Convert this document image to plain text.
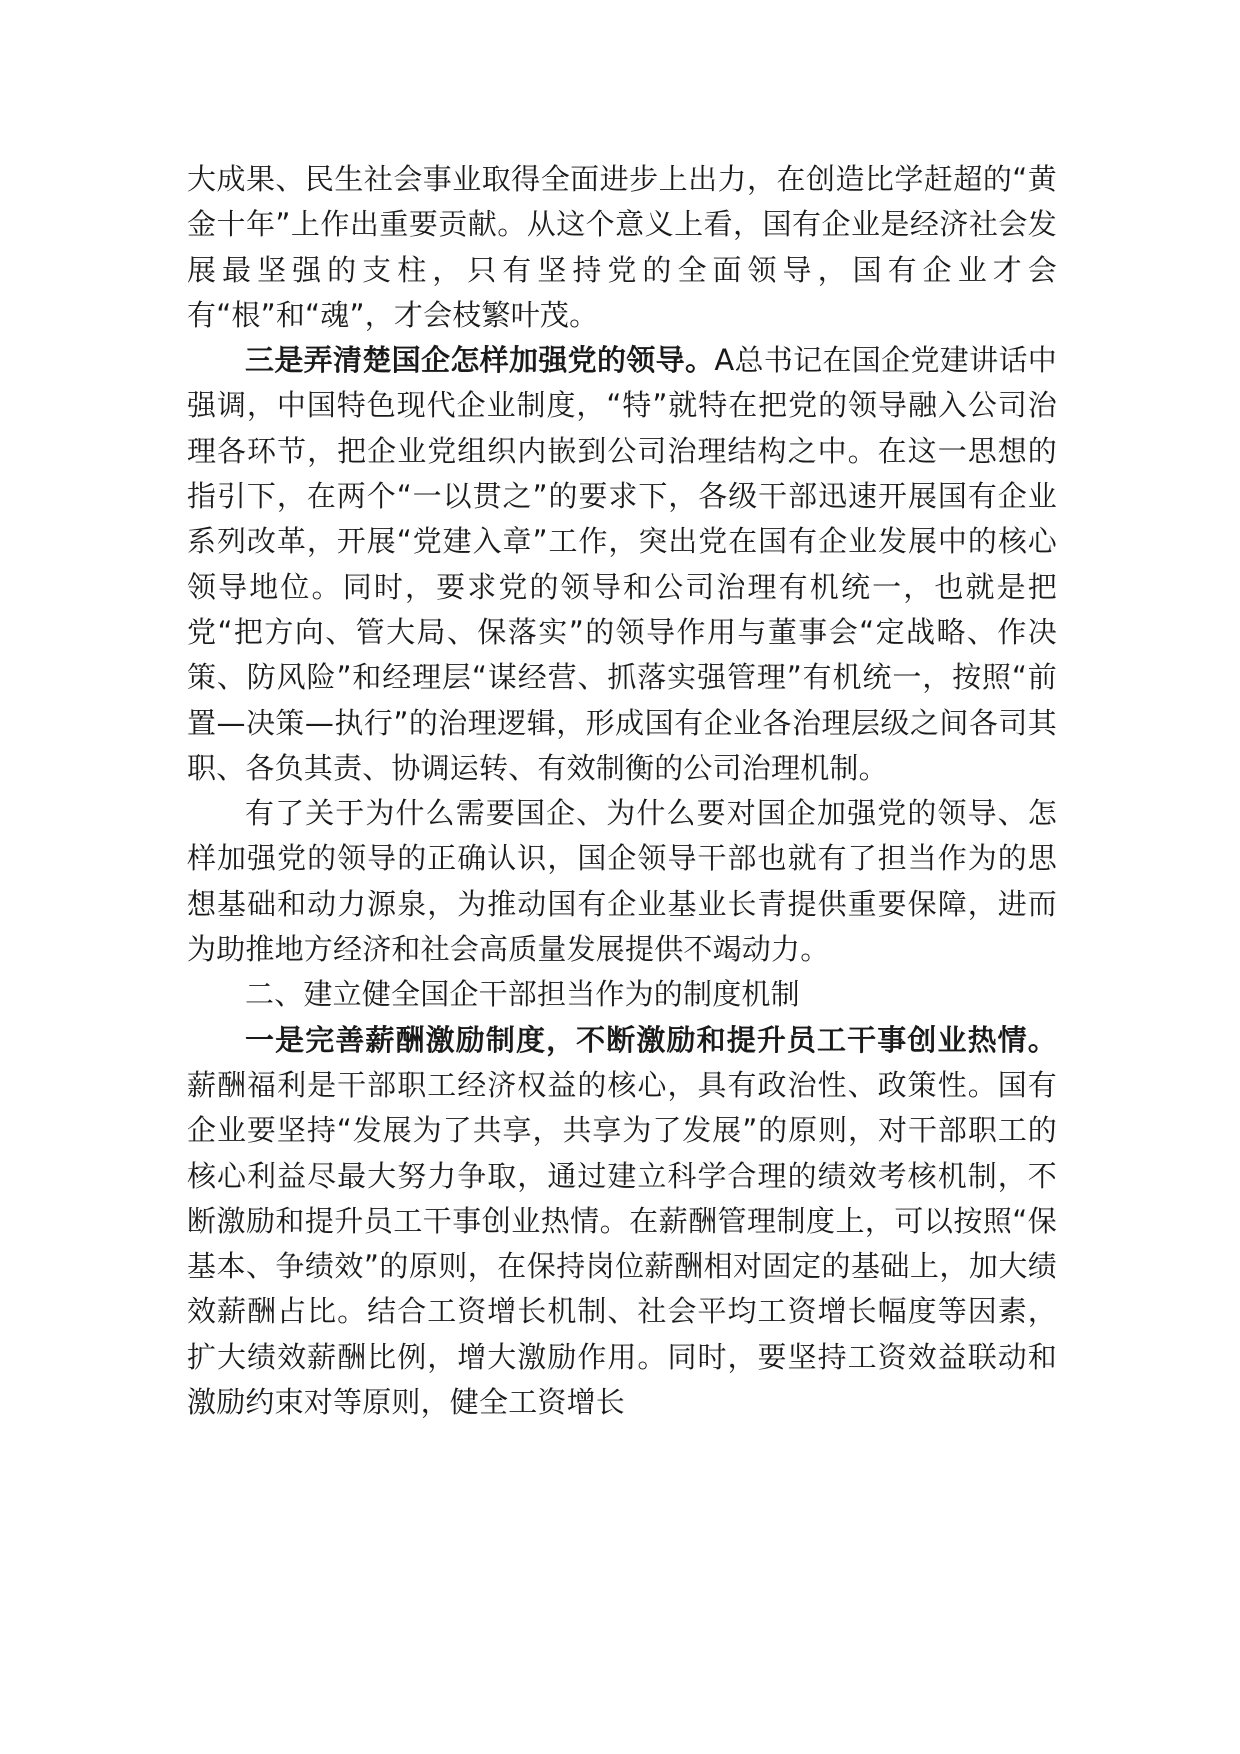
大成果、民生社会事业取得全面进步上出力，在创造比学赶超的“黄金十年”上作出重要贡献。从这个意义上看，国有企业是经济社会发展最坚强的支柱，只有坚持党的全面领导，国有企业才会有“根”和“魂”，才会枝繁叶茂。

三是弄清楚国企怎样加强党的领导。A总书记在国企党建讲话中强调，中国特色现代企业制度，“特”就特在把党的领导融入公司治理各环节，把企业党组织内嵌到公司治理结构之中。在这一思想的指引下，在两个“一以贯之”的要求下，各级干部迅速开展国有企业系列改革，开展“党建入章”工作，突出党在国有企业发展中的核心领导地位。同时，要求党的领导和公司治理有机统一，也就是把党“把方向、管大局、保落实”的领导作用与董事会“定战略、作决策、防风险”和经理层“谋经营、抓落实强管理”有机统一，按照“前置—决策—执行”的治理逻辑，形成国有企业各治理层级之间各司其职、各负其责、协调运转、有效制衡的公司治理机制。

有了关于为什么需要国企、为什么要对国企加强党的领导、怎样加强党的领导的正确认识，国企领导干部也就有了担当作为的思想基础和动力源泉，为推动国有企业基业长青提供重要保障，进而为助推地方经济和社会高质量发展提供不竭动力。

二、建立健全国企干部担当作为的制度机制

一是完善薪酬激励制度，不断激励和提升员工干事创业热情。薪酬福利是干部职工经济权益的核心，具有政治性、政策性。国有企业要坚持“发展为了共享，共享为了发展”的原则，对干部职工的核心利益尽最大努力争取，通过建立科学合理的绩效考核机制，不断激励和提升员工干事创业热情。在薪酬管理制度上，可以按照“保基本、争绩效”的原则，在保持岗位薪酬相对固定的基础上，加大绩效薪酬占比。结合工资增长机制、社会平均工资增长幅度等因素，扩大绩效薪酬比例，增大激励作用。同时，要坚持工资效益联动和激励约束对等原则，健全工资增长
